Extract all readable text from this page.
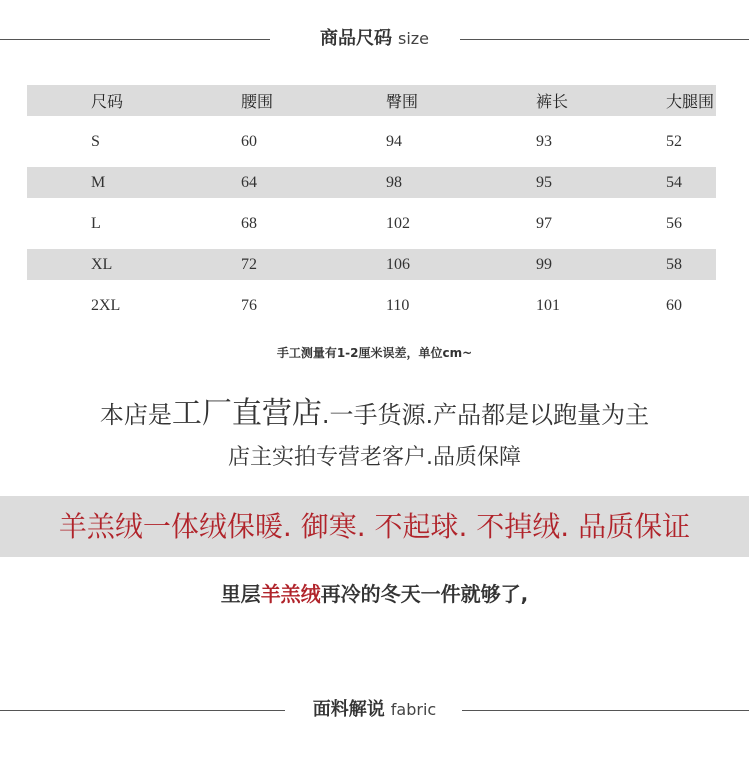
商品尺码 size
尺码	腰围	臀围	裤长	大腿围
S	60	94	93	52
M	64	98	95	54
L	68	102	97	56
XL	72	106	99	58
2XL	76	110	101	60
手工测量有1-2厘米误差，单位cm~
本店是工厂直营店.一手货源.产品都是以跑量为主
店主实拍专营老客户.品质保障
羊羔绒一体绒保暖. 御寒. 不起球. 不掉绒. 品质保证
里层羊羔绒再冷的冬天一件就够了,
面料解说 fabric
